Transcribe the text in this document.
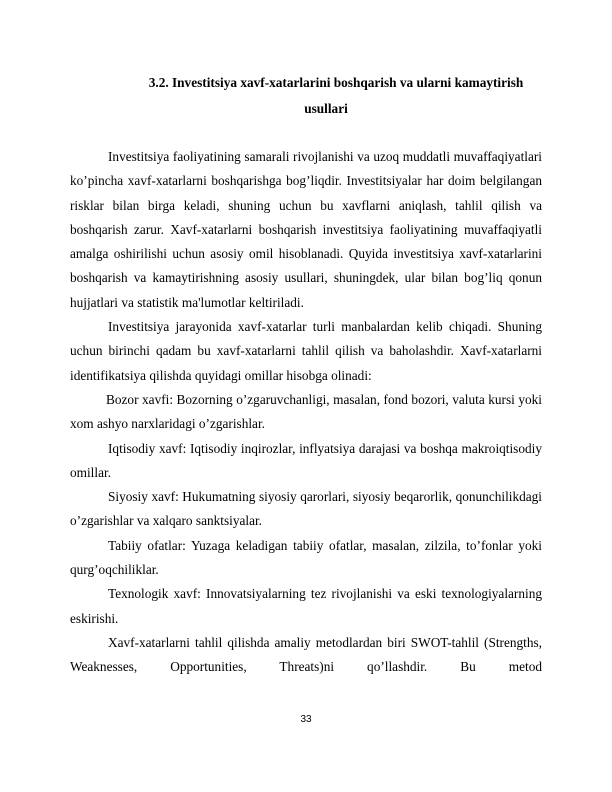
3.2. Investitsiya xavf-xatarlarini boshqarish va ularni kamaytirish
usullari

Investitsiya faoliyatining samarali rivojlanishi va uzoq muddatli muvaffaqiyatlari ko’pincha xavf-xatarlarni boshqarishga bog’liqdir. Investitsiyalar har doim belgilangan risklar bilan birga keladi, shuning uchun bu xavflarni aniqlash, tahlil qilish va boshqarish zarur. Xavf-xatarlarni boshqarish investitsiya faoliyatining muvaffaqiyatli amalga oshirilishi uchun asosiy omil hisoblanadi. Quyida investitsiya xavf-xatarlarini boshqarish va kamaytirishning asosiy usullari, shuningdek, ular bilan bog’liq qonun hujjatlari va statistik ma'lumotlar keltiriladi.

Investitsiya jarayonida xavf-xatarlar turli manbalardan kelib chiqadi. Shuning uchun birinchi qadam bu xavf-xatarlarni tahlil qilish va baholashdir. Xavf-xatarlarni identifikatsiya qilishda quyidagi omillar hisobga olinadi:

Bozor xavfi: Bozorning o’zgaruvchanligi, masalan, fond bozori, valuta kursi yoki xom ashyo narxlaridagi o’zgarishlar.

Iqtisodiy xavf: Iqtisodiy inqirozlar, inflyatsiya darajasi va boshqa makroiqtisodiy omillar.

Siyosiy xavf: Hukumatning siyosiy qarorlari, siyosiy beqarorlik, qonunchilikdagi o’zgarishlar va xalqaro sanktsiyalar.

Tabiiy ofatlar: Yuzaga keladigan tabiiy ofatlar, masalan, zilzila, to’fonlar yoki qurg’oqchiliklar.

Texnologik xavf: Innovatsiyalarning tez rivojlanishi va eski texnologiyalarning eskirishi.

Xavf-xatarlarni tahlil qilishda amaliy metodlardan biri SWOT-tahlil (Strengths, Weaknesses, Opportunities, Threats)ni qo’llashdir. Bu metod

33
